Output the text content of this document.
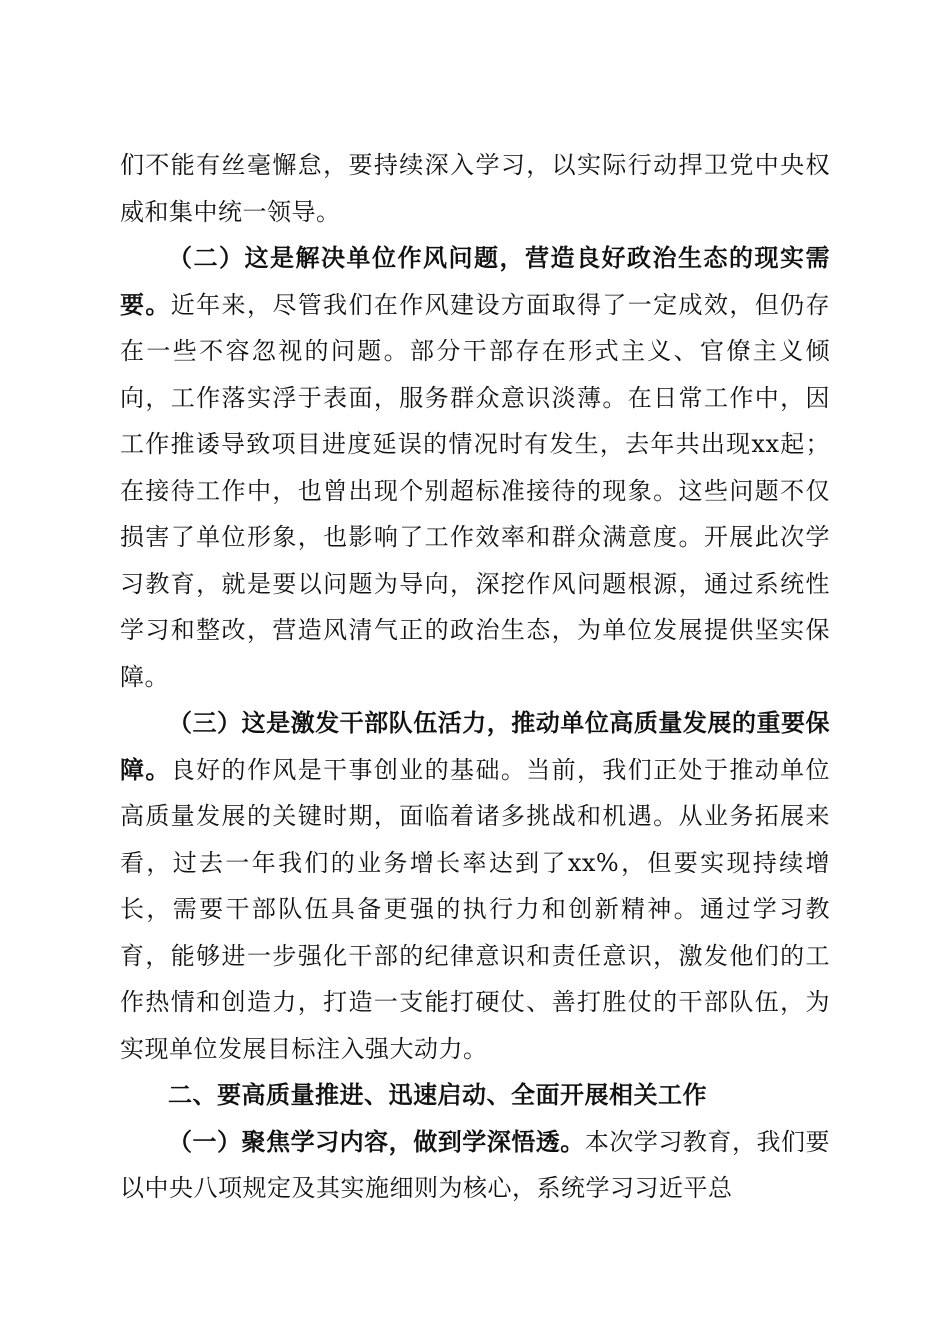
们不能有丝毫懈怠，要持续深入学习，以实际行动捍卫党中央权威和集中统一领导。

（二）这是解决单位作风问题，营造良好政治生态的现实需要。近年来，尽管我们在作风建设方面取得了一定成效，但仍存在一些不容忽视的问题。部分干部存在形式主义、官僚主义倾向，工作落实浮于表面，服务群众意识淡薄。在日常工作中，因工作推诿导致项目进度延误的情况时有发生，去年共出现xx起；在接待工作中，也曾出现个别超标准接待的现象。这些问题不仅损害了单位形象，也影响了工作效率和群众满意度。开展此次学习教育，就是要以问题为导向，深挖作风问题根源，通过系统性学习和整改，营造风清气正的政治生态，为单位发展提供坚实保障。

（三）这是激发干部队伍活力，推动单位高质量发展的重要保障。良好的作风是干事创业的基础。当前，我们正处于推动单位高质量发展的关键时期，面临着诸多挑战和机遇。从业务拓展来看，过去一年我们的业务增长率达到了xx%，但要实现持续增长，需要干部队伍具备更强的执行力和创新精神。通过学习教育，能够进一步强化干部的纪律意识和责任意识，激发他们的工作热情和创造力，打造一支能打硬仗、善打胜仗的干部队伍，为实现单位发展目标注入强大动力。

二、要高质量推进、迅速启动、全面开展相关工作

（一）聚焦学习内容，做到学深悟透。本次学习教育，我们要以中央八项规定及其实施细则为核心，系统学习习近平总
